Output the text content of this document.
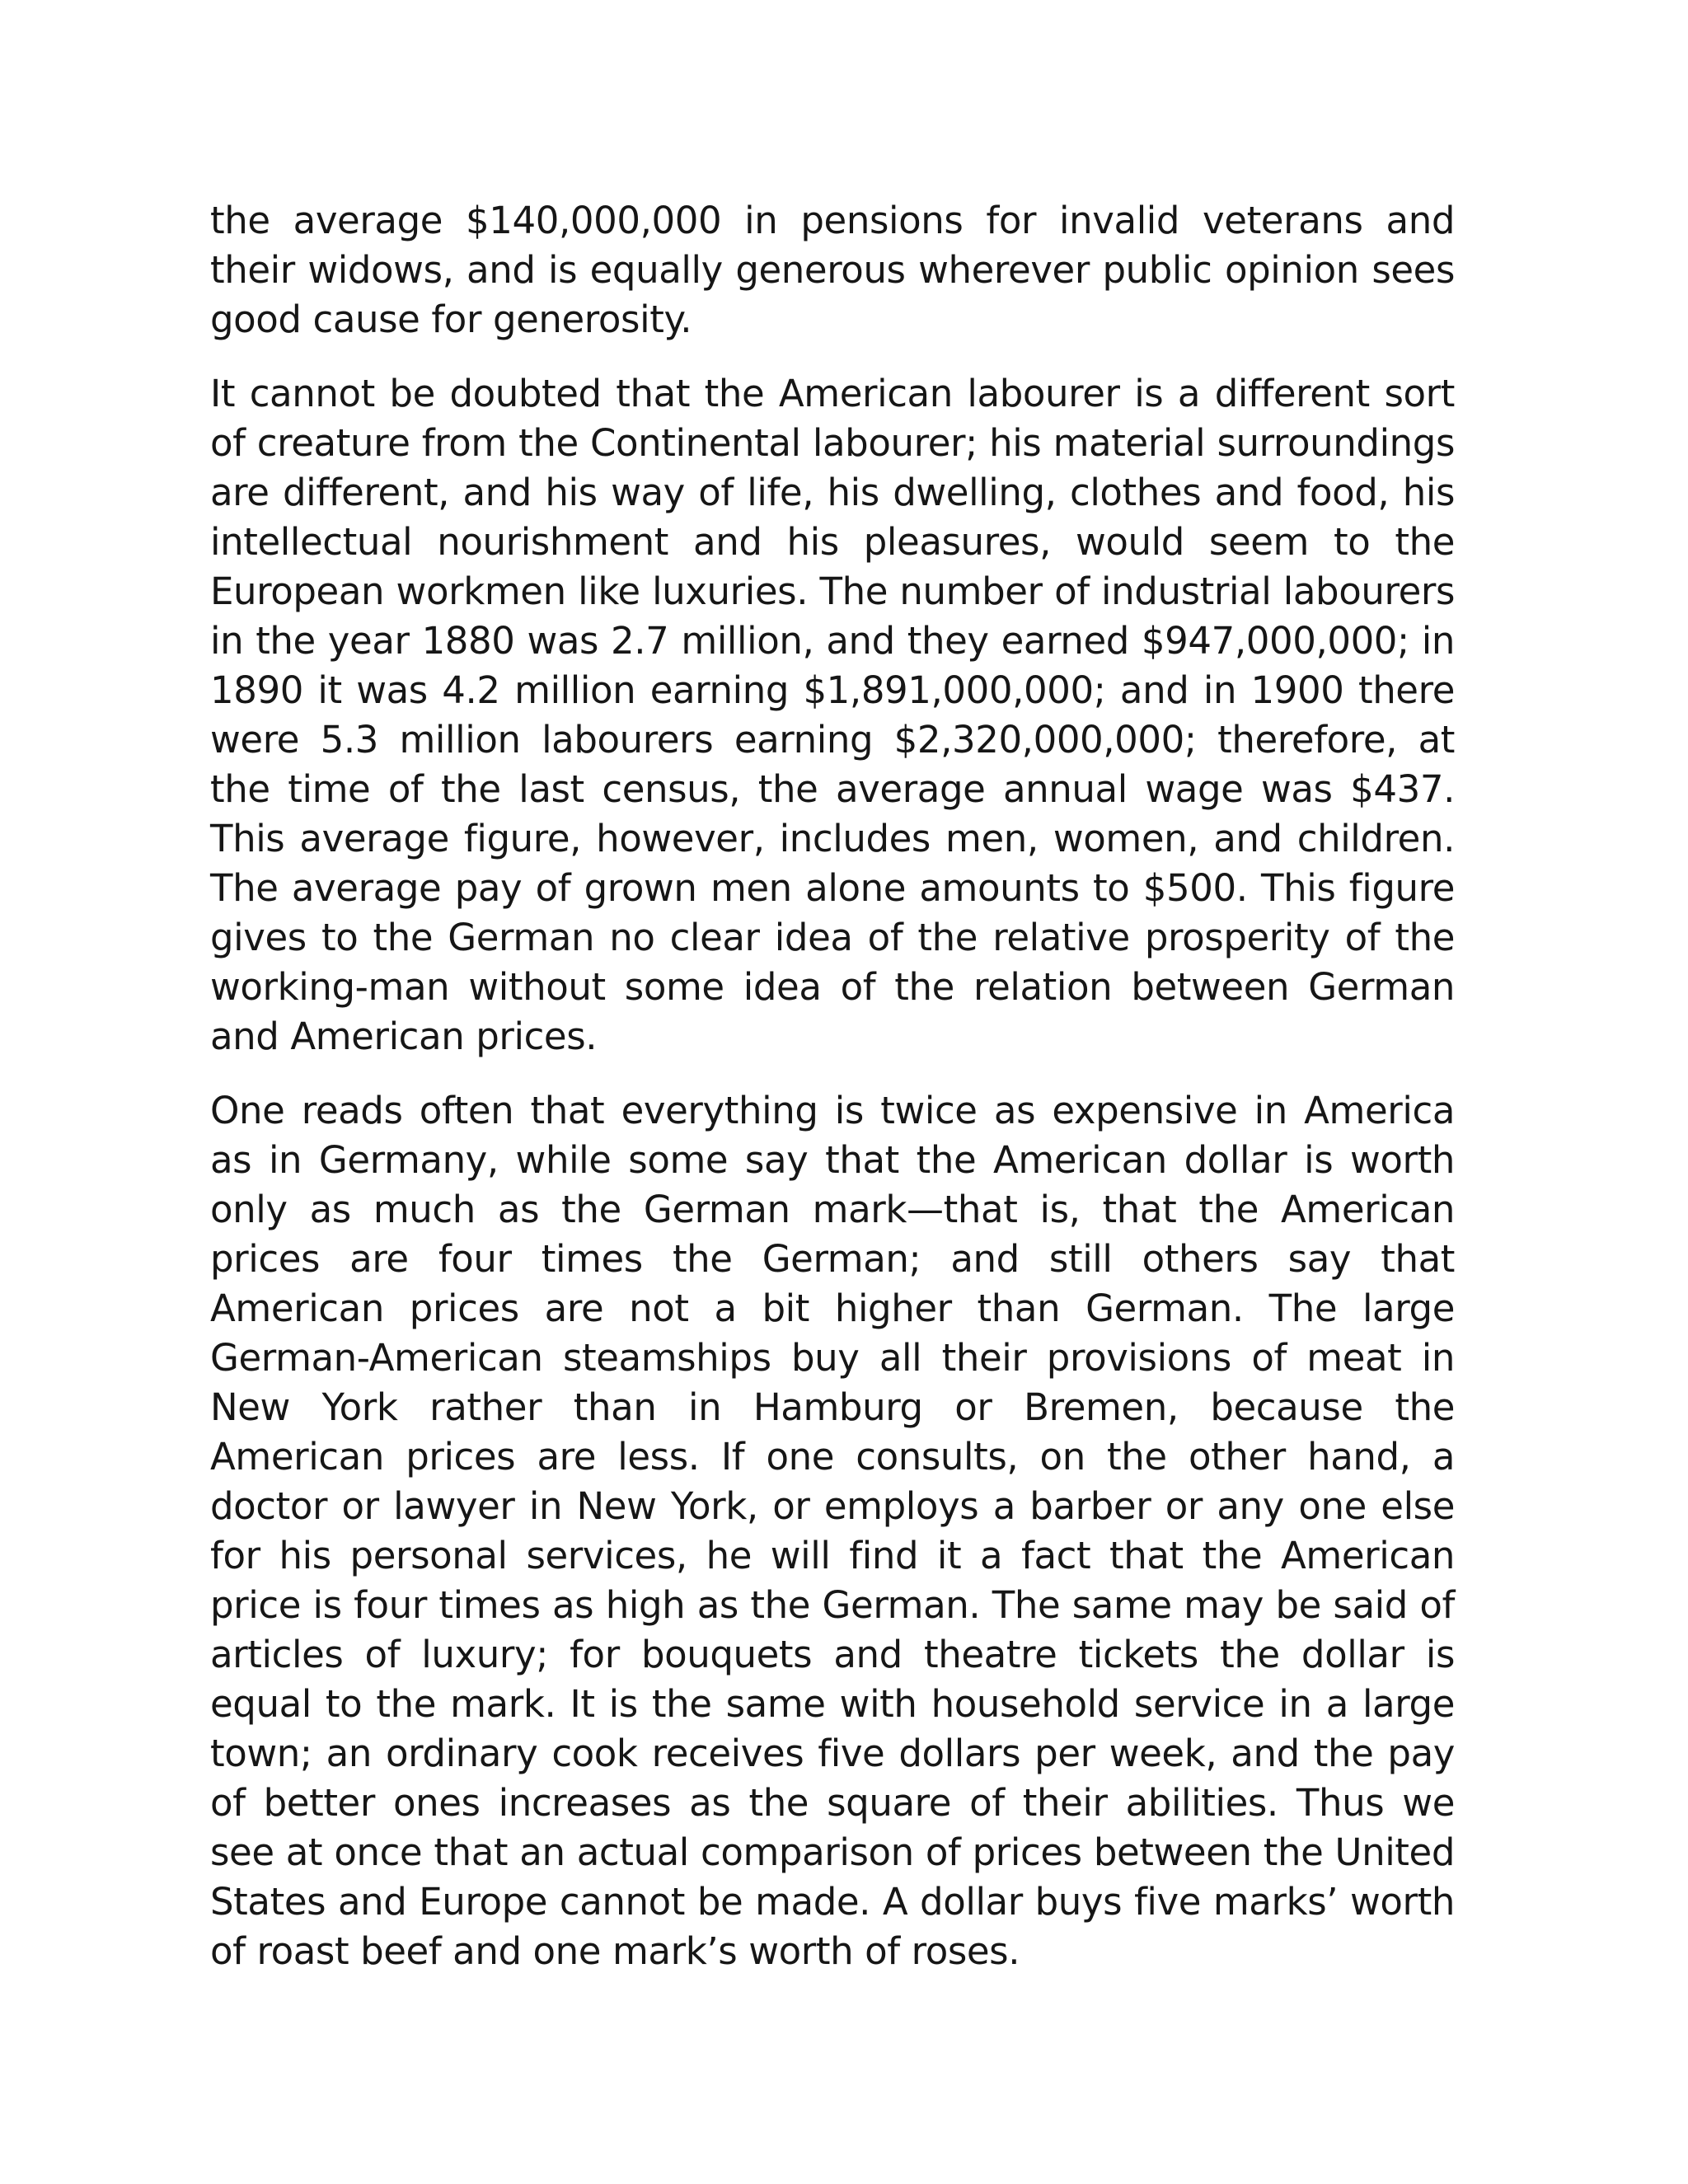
the average $140,000,000 in pensions for invalid veterans and their widows, and is equally generous wherever public opinion sees good cause for generosity.

It cannot be doubted that the American labourer is a different sort of creature from the Continental labourer; his material surroundings are different, and his way of life, his dwelling, clothes and food, his intellectual nourishment and his pleasures, would seem to the European workmen like luxuries. The number of industrial labourers in the year 1880 was 2.7 million, and they earned $947,000,000; in 1890 it was 4.2 million earning $1,891,000,000; and in 1900 there were 5.3 million labourers earning $2,320,000,000; therefore, at the time of the last census, the average annual wage was $437. This average figure, however, includes men, women, and children. The average pay of grown men alone amounts to $500. This figure gives to the German no clear idea of the relative prosperity of the working-man without some idea of the relation between German and American prices.

One reads often that everything is twice as expensive in America as in Germany, while some say that the American dollar is worth only as much as the German mark—that is, that the American prices are four times the German; and still others say that American prices are not a bit higher than German. The large German-American steamships buy all their provisions of meat in New York rather than in Hamburg or Bremen, because the American prices are less. If one consults, on the other hand, a doctor or lawyer in New York, or employs a barber or any one else for his personal services, he will find it a fact that the American price is four times as high as the German. The same may be said of articles of luxury; for bouquets and theatre tickets the dollar is equal to the mark. It is the same with household service in a large town; an ordinary cook receives five dollars per week, and the pay of better ones increases as the square of their abilities. Thus we see at once that an actual comparison of prices between the United States and Europe cannot be made. A dollar buys five marks’ worth of roast beef and one mark’s worth of roses.
